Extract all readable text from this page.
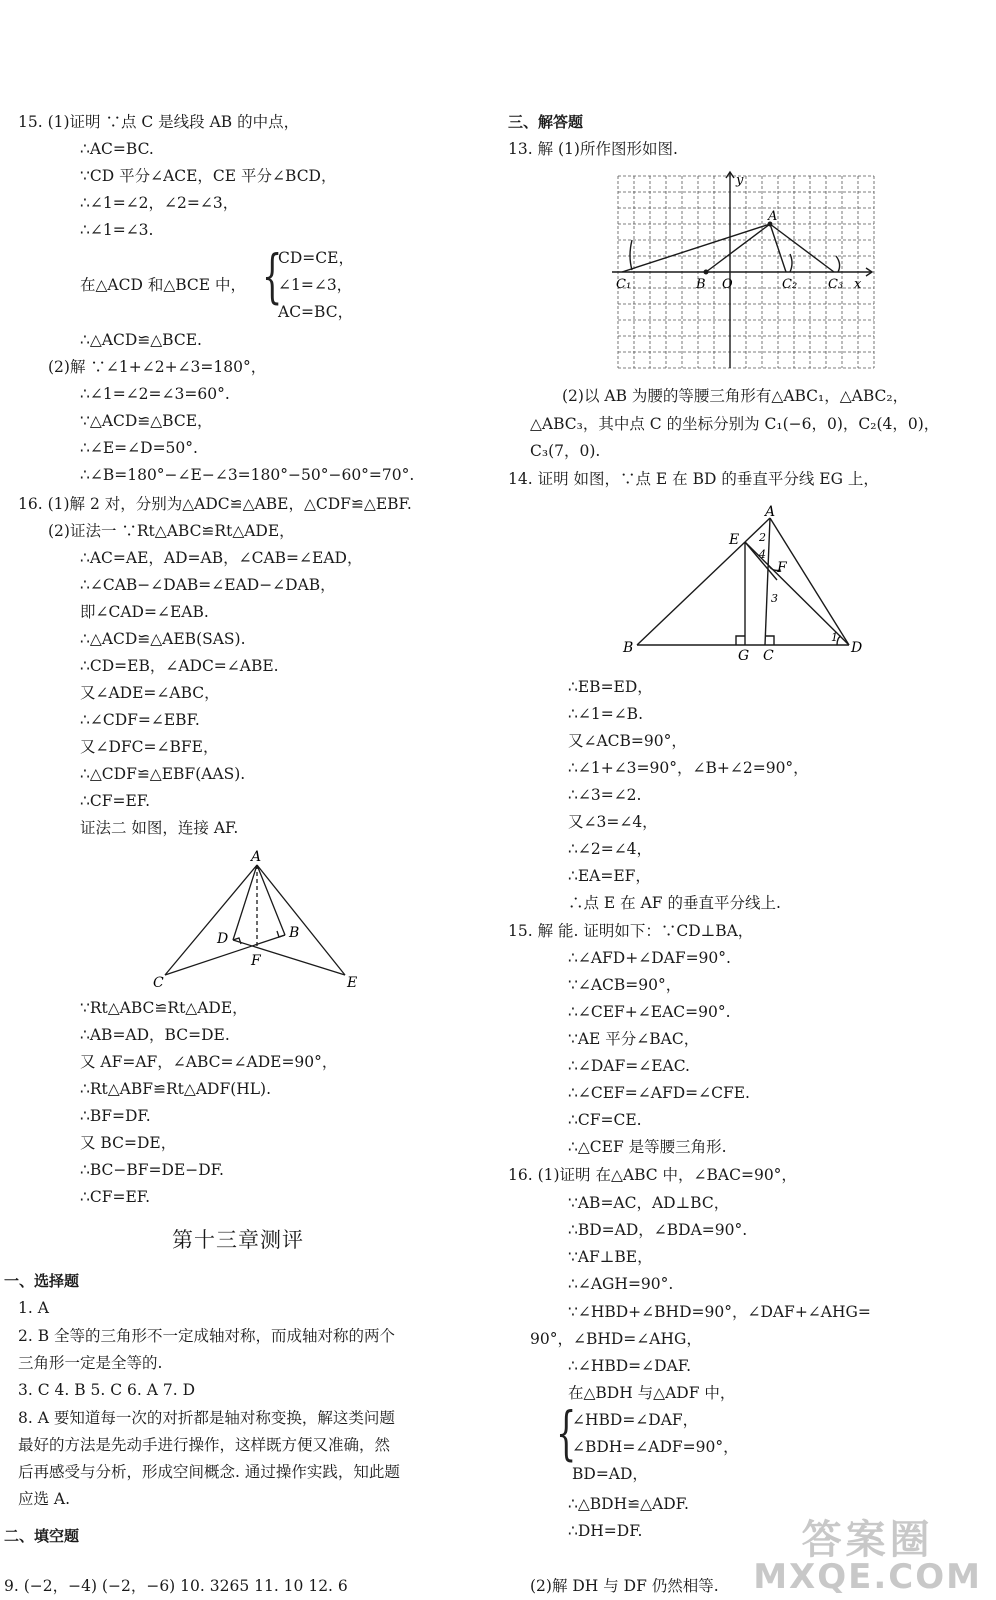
15. (1)证明 ∵点 C 是线段 AB 的中点，
∴AC=BC.
∵CD 平分∠ACE，CE 平分∠BCD，
∴∠1=∠2，∠2=∠3，
∴∠1=∠3.
在△ACD 和△BCE 中， {
CD=CE，
∠1=∠3，
AC=BC，
∴△ACD≌△BCE.
(2)解 ∵∠1+∠2+∠3=180°，
∴∠1=∠2=∠3=60°.
∵△ACD≌△BCE，
∴∠E=∠D=50°.
∴∠B=180°−∠E−∠3=180°−50°−60°=70°.
16. (1)解 2 对，分别为△ADC≌△ABE，△CDF≌△EBF.
(2)证法一 ∵Rt△ABC≌Rt△ADE，
∴AC=AE，AD=AB，∠CAB=∠EAD，
∴∠CAB−∠DAB=∠EAD−∠DAB，
即∠CAD=∠EAB.
∴△ACD≌△AEB(SAS).
∴CD=EB，∠ADC=∠ABE.
又∠ADE=∠ABC，
∴∠CDF=∠EBF.
又∠DFC=∠BFE，
∴△CDF≌△EBF(AAS).
∴CF=EF.
证法二 如图，连接 AF.
A
B
C
D
E
F
∵Rt△ABC≌Rt△ADE，
∴AB=AD，BC=DE.
又 AF=AF，∠ABC=∠ADE=90°，
∴Rt△ABF≌Rt△ADF(HL).
∴BF=DF.
又 BC=DE，
∴BC−BF=DE−DF.
∴CF=EF.
第十三章测评
一、选择题
1. A
2. B 全等的三角形不一定成轴对称，而成轴对称的两个
三角形一定是全等的.
3. C 4. B 5. C 6. A 7. D
8. A 要知道每一次的对折都是轴对称变换，解这类问题
最好的方法是先动手进行操作，这样既方便又准确，然
后再感受与分析，形成空间概念. 通过操作实践，知此题
应选 A.
二、填空题
9. (−2，−4) (−2，−6) 10. 3265 11. 10 12. 6
三、解答题
13. 解 (1)所作图形如图.
y
x
A
B O
C₁	C₂ C₃
(2)以 AB 为腰的等腰三角形有△ABC₁，△ABC₂，
△ABC₃，其中点 C 的坐标分别为 C₁(−6，0)，C₂(4，0)，
C₃(7，0).
14. 证明 如图，∵点 E 在 BD 的垂直平分线 EG 上，
A
B	C	D
E
F
G
1
2
3
4
∴EB=ED，
∴∠1=∠B.
又∠ACB=90°，
∴∠1+∠3=90°，∠B+∠2=90°，
∴∠3=∠2.
又∠3=∠4，
∴∠2=∠4，
∴EA=EF，
∴点 E 在 AF 的垂直平分线上.
15. 解 能. 证明如下：∵CD⊥BA，
∴∠AFD+∠DAF=90°.
∵∠ACB=90°，
∴∠CEF+∠EAC=90°.
∵AE 平分∠BAC，
∴∠DAF=∠EAC.
∴∠CEF=∠AFD=∠CFE.
∴CF=CE.
∴△CEF 是等腰三角形.
16. (1)证明 在△ABC 中，∠BAC=90°，
∵AB=AC，AD⊥BC，
∴BD=AD，∠BDA=90°.
∵AF⊥BE，
∴∠AGH=90°.
∵∠HBD+∠BHD=90°，∠DAF+∠AHG=
90°，∠BHD=∠AHG，
∴∠HBD=∠DAF.
在△BDH 与△ADF 中，
{
∠HBD=∠DAF，
∠BDH=∠ADF=90°，
BD=AD，
∴△BDH≌△ADF.
∴DH=DF.
(2)解 DH 与 DF 仍然相等.
答案圈
MXQE.COM
